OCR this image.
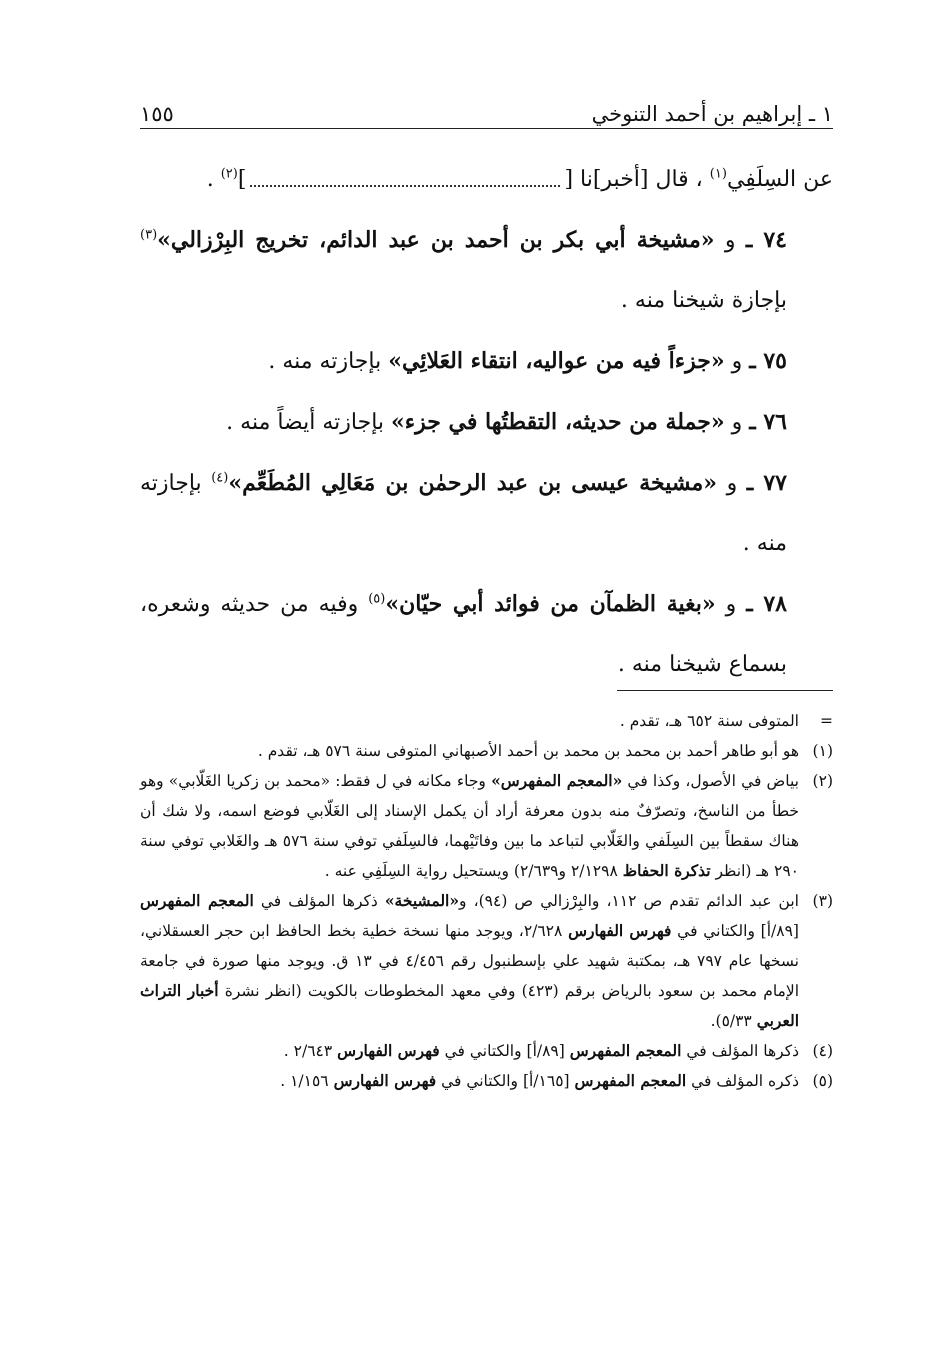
١ ـ إبراهيم بن أحمد التنوخي
١٥٥

عن السِلَفِي$^{(١)}$ ، قال [أخبر]نا []$^{(٢)}$ .

٧٤ ـ و «مشيخة أبي بكر بن أحمد بن عبد الدائم، تخريج البِرْزالي»$^{(٣)}$ بإجازة شيخنا منه .

٧٥ ـ و «جزءاً فيه من عواليه، انتقاء العَلائِي» بإجازته منه .

٧٦ ـ و «جملة من حديثه، التقطتُها في جزء» بإجازته أيضاً منه .

٧٧ ـ و «مشيخة عيسى بن عبد الرحمٰن بن مَعَالِي المُطَعِّم»$^{(٤)}$ بإجازته منه .

٧٨ ـ و «بغية الظمآن من فوائد أبي حيّان»$^{(٥)}$ وفيه من حديثه وشعره، بسماع شيخنا منه .

=
المتوفى سنة ٦٥٢ هـ، تقدم .
(١)
هو أبو طاهر أحمد بن محمد بن محمد بن أحمد الأصبهاني المتوفى سنة ٥٧٦ هـ، تقدم .
(٢)
بياض في الأصول، وكذا في «المعجم المفهرس» وجاء مكانه في ل فقط: «محمد بن زكريا الغَلّابي» وهو خطأ من الناسخ، وتصرّفٌ منه بدون معرفة أراد أن يكمل الإسناد إلى الغَلّابي فوضع اسمه، ولا شك أن هناك سقطاً بين السِلَفي والغَلّابي لتباعد ما بين وفاتَيْهما، فالسِلَفي توفي سنة ٥٧٦ هـ والغَلابي توفي سنة ٢٩٠ هـ (انظر تذكرة الحفاظ ٢/١٢٩٨ و٢/٦٣٩) ويستحيل رواية السِلَفِي عنه .
(٣)
ابن عبد الدائم تقدم ص ١١٢، والبِرْزالي ص (٩٤)، و«المشيخة» ذكرها المؤلف في المعجم المفهرس [٨٩/أ] والكتاني في فهرس الفهارس ٢/٦٢٨، ويوجد منها نسخة خطية بخط الحافظ ابن حجر العسقلاني، نسخها عام ٧٩٧ هـ، بمكتبة شهيد علي بإسطنبول رقم ٤/٤٥٦ في ١٣ ق. ويوجد منها صورة في جامعة الإمام محمد بن سعود بالرياض برقم (٤٢٣) وفي معهد المخطوطات بالكويت (انظر نشرة أخبار التراث العربي ٥/٣٣).
(٤)
ذكرها المؤلف في المعجم المفهرس [٨٩/أ] والكتاني في فهرس الفهارس ٢/٦٤٣ .
(٥)
ذكره المؤلف في المعجم المفهرس [١٦٥/أ] والكتاني في فهرس الفهارس ١/١٥٦ .
